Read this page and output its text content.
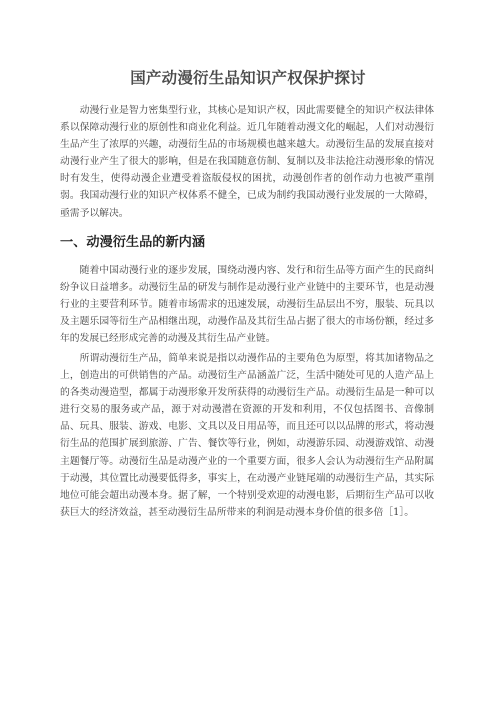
国产动漫衍生品知识产权保护探讨

动漫行业是智力密集型行业，其核心是知识产权，因此需要健全的知识产权法律体系以保障动漫行业的原创性和商业化利益。近几年随着动漫文化的崛起，人们对动漫衍生品产生了浓厚的兴趣，动漫衍生品的市场规模也越来越大。动漫衍生品的发展直接对动漫行业产生了很大的影响，但是在我国随意仿制、复制以及非法抢注动漫形象的情况时有发生，使得动漫企业遭受着盗版侵权的困扰，动漫创作者的创作动力也被严重削弱。我国动漫行业的知识产权体系不健全，已成为制约我国动漫行业发展的一大障碍，亟需予以解决。

一、动漫衍生品的新内涵

随着中国动漫行业的逐步发展，围绕动漫内容、发行和衍生品等方面产生的民商纠纷争议日益增多。动漫衍生品的研发与制作是动漫行业产业链中的主要环节，也是动漫行业的主要营利环节。随着市场需求的迅速发展，动漫衍生品层出不穷，服装、玩具以及主题乐园等衍生产品相继出现，动漫作品及其衍生品占据了很大的市场份额，经过多年的发展已经形成完善的动漫及其衍生品产业链。

所谓动漫衍生产品，简单来说是指以动漫作品的主要角色为原型，将其加诸物品之上，创造出的可供销售的产品。动漫衍生产品涵盖广泛，生活中随处可见的人造产品上的各类动漫造型，都属于动漫形象开发所获得的动漫衍生产品。动漫衍生品是一种可以进行交易的服务或产品，源于对动漫潜在资源的开发和利用，不仅包括图书、音像制品、玩具、服装、游戏、电影、文具以及日用品等，而且还可以以品牌的形式，将动漫衍生品的范围扩展到旅游、广告、餐饮等行业，例如，动漫游乐园、动漫游戏馆、动漫主题餐厅等。动漫衍生品是动漫产业的一个重要方面，很多人会认为动漫衍生产品附属于动漫，其位置比动漫要低得多，事实上，在动漫产业链尾端的动漫衍生产品，其实际地位可能会超出动漫本身。据了解，一个特别受欢迎的动漫电影，后期衍生产品可以收获巨大的经济效益，甚至动漫衍生品所带来的利润是动漫本身价值的很多倍［1］。
